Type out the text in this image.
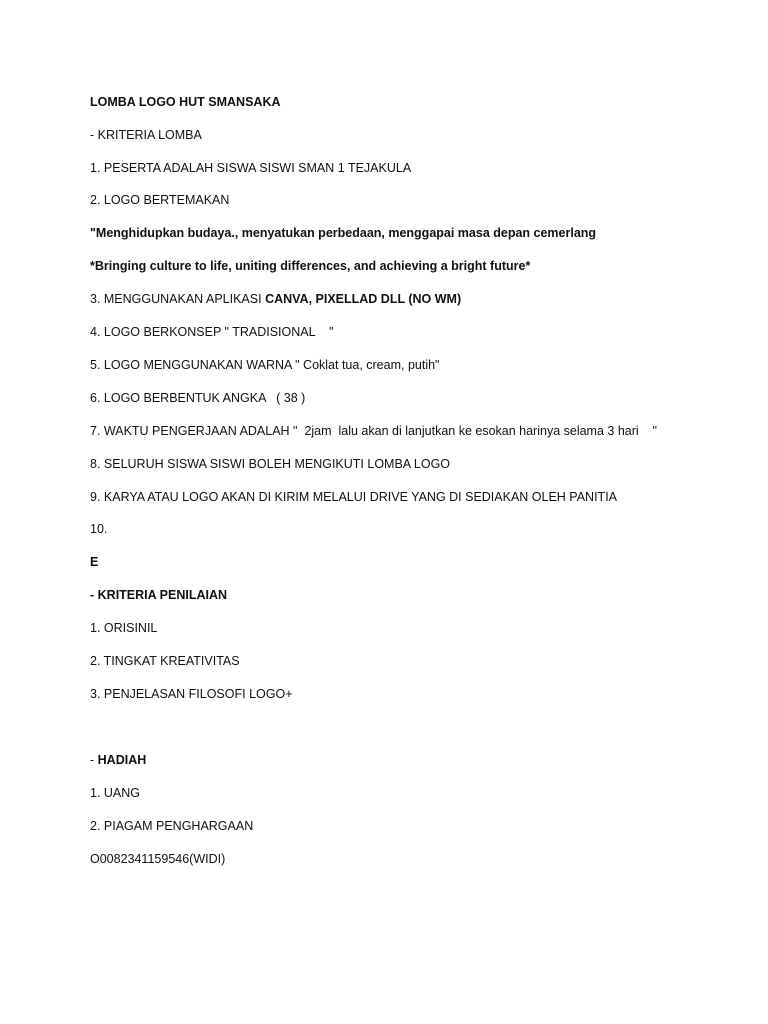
LOMBA LOGO HUT SMANSAKA
- KRITERIA LOMBA
1. PESERTA ADALAH SISWA SISWI SMAN 1 TEJAKULA
2. LOGO BERTEMAKAN
"Menghidupkan budaya., menyatukan perbedaan, menggapai masa depan cemerlang
*Bringing culture to life, uniting differences, and achieving a bright future*
3. MENGGUNAKAN APLIKASI CANVA, PIXELLAD DLL (NO WM)
4. LOGO BERKONSEP " TRADISIONAL    "
5. LOGO MENGGUNAKAN WARNA " Coklat tua, cream, putih"
6. LOGO BERBENTUK ANGKA   ( 38 )
7. WAKTU PENGERJAAN ADALAH "  2jam  lalu akan di lanjutkan ke esokan harinya selama 3 hari    "
8. SELURUH SISWA SISWI BOLEH MENGIKUTI LOMBA LOGO
9. KARYA ATAU LOGO AKAN DI KIRIM MELALUI DRIVE YANG DI SEDIAKAN OLEH PANITIA
10.
E
- KRITERIA PENILAIAN
1. ORISINIL
2. TINGKAT KREATIVITAS
3. PENJELASAN FILOSOFI LOGO+
- HADIAH
1. UANG
2. PIAGAM PENGHARGAAN
O0082341159546(WIDI)
